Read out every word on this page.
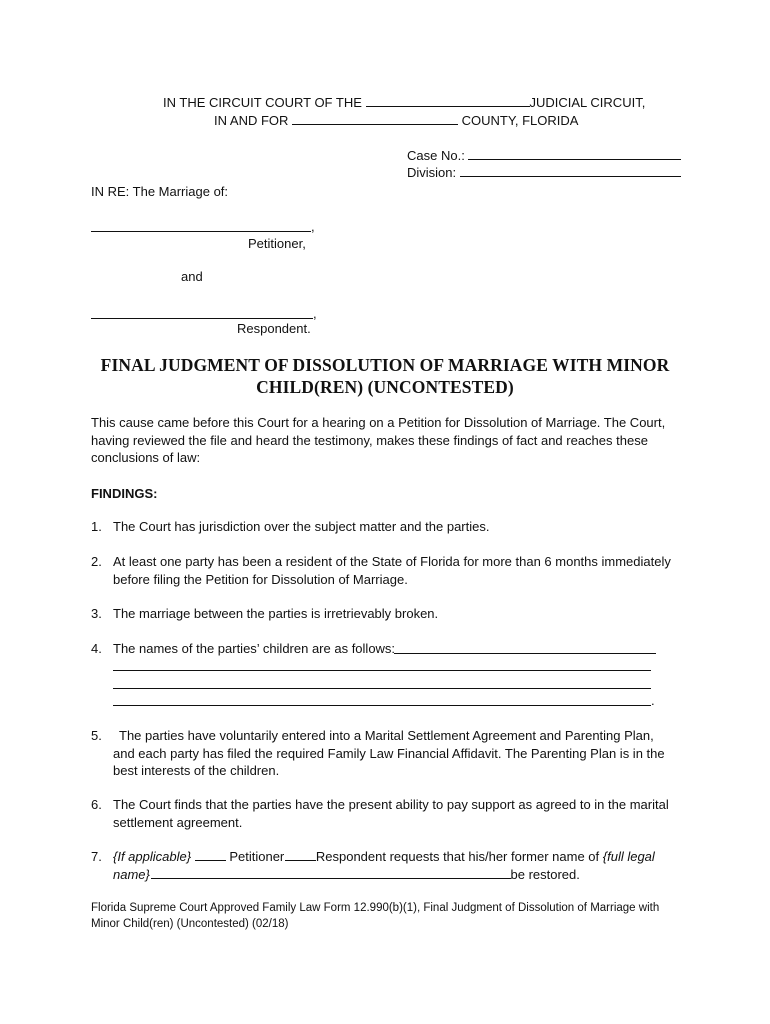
IN THE CIRCUIT COURT OF THE	JUDICIAL CIRCUIT,
IN AND FOR	COUNTY, FLORIDA
Case No.:
Division:
IN RE: The Marriage of:
,
Petitioner,
and
,
Respondent.
FINAL JUDGMENT OF DISSOLUTION OF MARRIAGE WITH MINOR
CHILD(REN) (UNCONTESTED)
This cause came before this Court for a hearing on a Petition for Dissolution of Marriage. The Court, having reviewed the file and heard the testimony, makes these findings of fact and reaches these conclusions of law:
FINDINGS:
1. The Court has jurisdiction over the subject matter and the parties.
2. At least one party has been a resident of the State of Florida for more than 6 months immediately before filing the Petition for Dissolution of Marriage.
3. The marriage between the parties is irretrievably broken.
4. The names of the parties’ children are as follows:
.
5.	The parties have voluntarily entered into a Marital Settlement Agreement and Parenting Plan, and each party has filed the required Family Law Financial Affidavit. The Parenting Plan is in the best interests of the children.
6. The Court finds that the parties have the present ability to pay support as agreed to in the marital settlement agreement.
7. {If applicable}	Petitioner Respondent requests that his/her former name of {full legal
name}	be restored.
Florida Supreme Court Approved Family Law Form 12.990(b)(1), Final Judgment of Dissolution of Marriage with Minor Child(ren) (Uncontested) (02/18)
